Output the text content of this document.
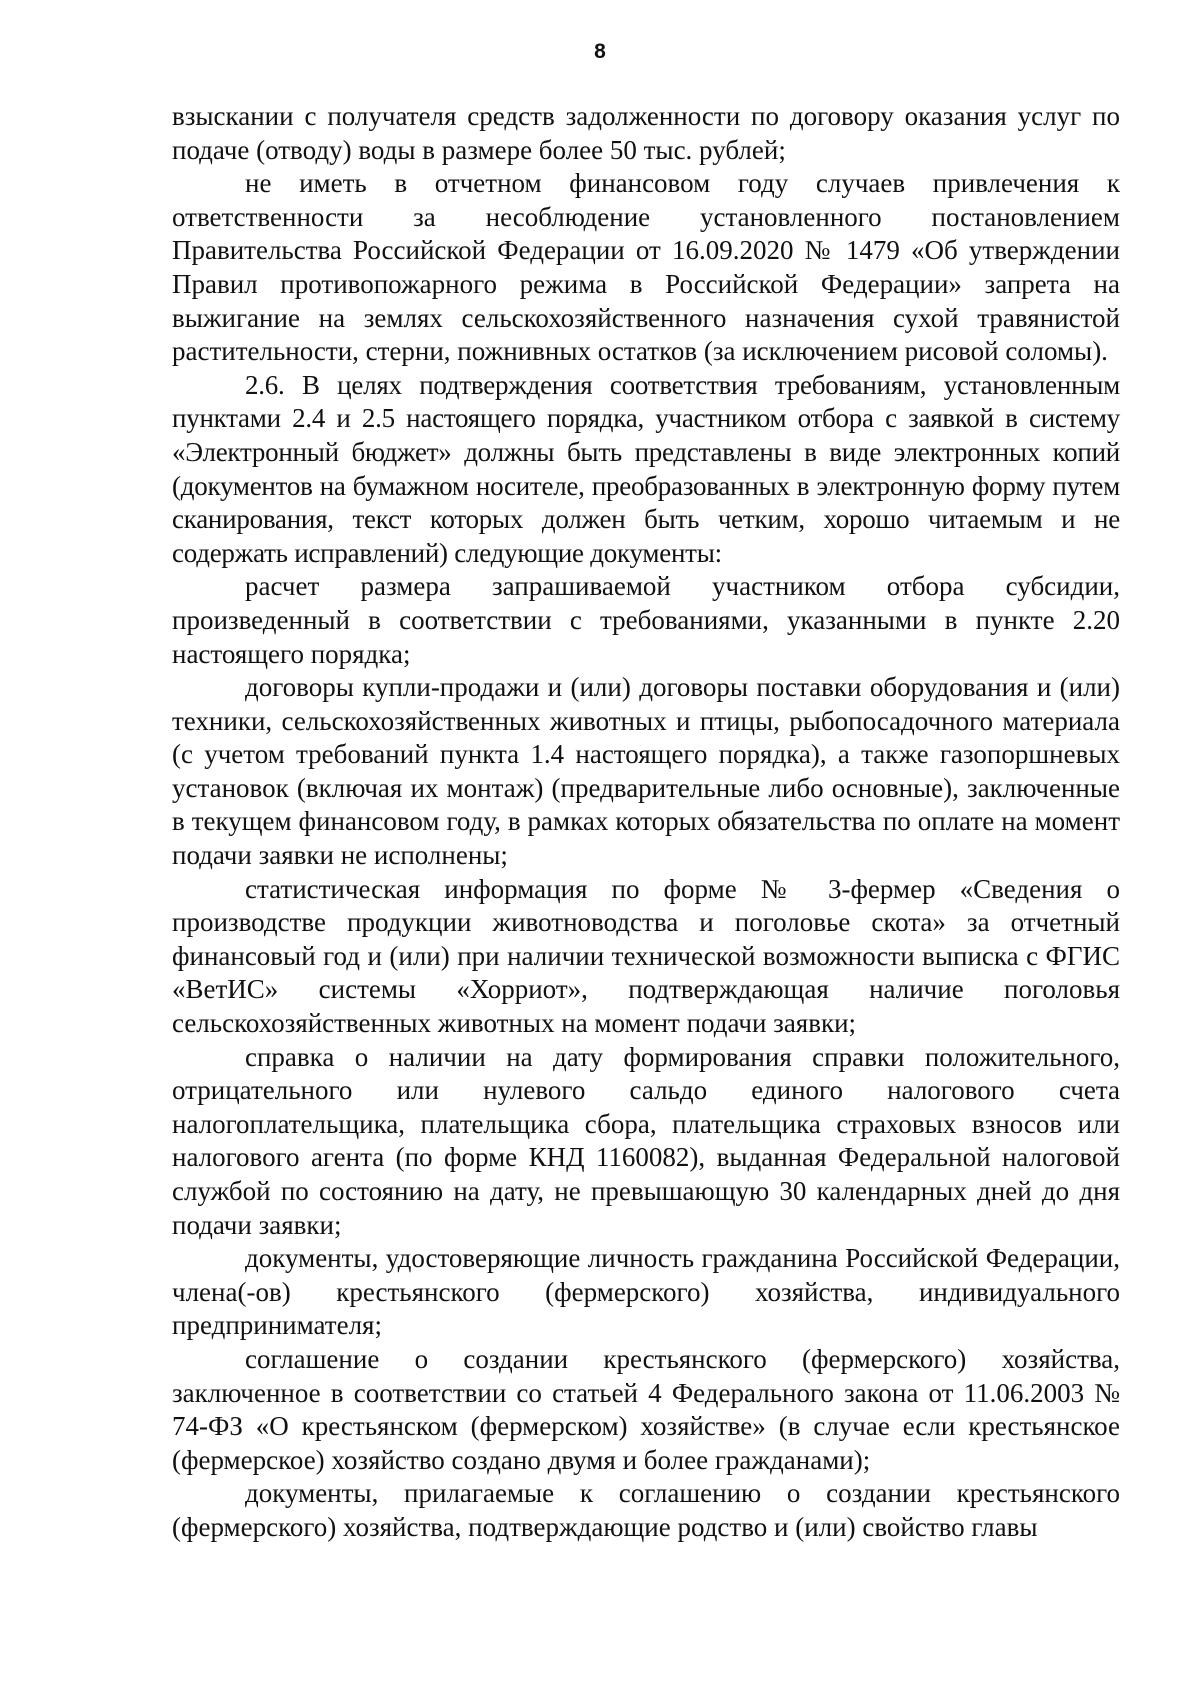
8

взыскании с получателя средств задолженности по договору оказания услуг по подаче (отводу) воды в размере более 50 тыс. рублей;

не иметь в отчетном финансовом году случаев привлечения к ответственности за несоблюдение установленного постановлением Правительства Российской Федерации от 16.09.2020 № 1479 «Об утверждении Правил противопожарного режима в Российской Федерации» запрета на выжигание на землях сельскохозяйственного назначения сухой травянистой растительности, стерни, пожнивных остатков (за исключением рисовой соломы).

2.6. В целях подтверждения соответствия требованиям, установленным пунктами 2.4 и 2.5 настоящего порядка, участником отбора с заявкой в систему «Электронный бюджет» должны быть представлены в виде электронных копий (документов на бумажном носителе, преобразованных в электронную форму путем сканирования, текст которых должен быть четким, хорошо читаемым и не содержать исправлений) следующие документы:

расчет размера запрашиваемой участником отбора субсидии, произведенный в соответствии с требованиями, указанными в пункте 2.20 настоящего порядка;

договоры купли-продажи и (или) договоры поставки оборудования и (или) техники, сельскохозяйственных животных и птицы, рыбопосадочного материала (с учетом требований пункта 1.4 настоящего порядка), а также газопоршневых установок (включая их монтаж) (предварительные либо основные), заключенные в текущем финансовом году, в рамках которых обязательства по оплате на момент подачи заявки не исполнены;

статистическая информация по форме № 3-фермер «Сведения о производстве продукции животноводства и поголовье скота» за отчетный финансовый год и (или) при наличии технической возможности выписка с ФГИС «ВетИС» системы «Хорриот», подтверждающая наличие поголовья сельскохозяйственных животных на момент подачи заявки;

справка о наличии на дату формирования справки положительного, отрицательного или нулевого сальдо единого налогового счета налогоплательщика, плательщика сбора, плательщика страховых взносов или налогового агента (по форме КНД 1160082), выданная Федеральной налоговой службой по состоянию на дату, не превышающую 30 календарных дней до дня подачи заявки;

документы, удостоверяющие личность гражданина Российской Федерации, члена(-ов) крестьянского (фермерского) хозяйства, индивидуального предпринимателя;

соглашение о создании крестьянского (фермерского) хозяйства, заключенное в соответствии со статьей 4 Федерального закона от 11.06.2003 № 74-ФЗ «О крестьянском (фермерском) хозяйстве» (в случае если крестьянское (фермерское) хозяйство создано двумя и более гражданами);

документы, прилагаемые к соглашению о создании крестьянского (фермерского) хозяйства, подтверждающие родство и (или) свойство главы
